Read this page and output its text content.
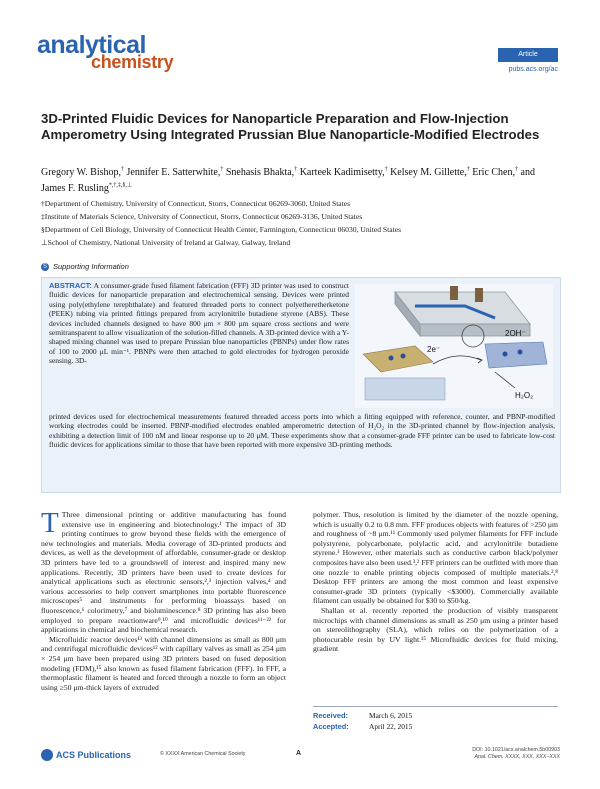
analytical
chemistry	Article
pubs.acs.org/ac
3D-Printed Fluidic Devices for Nanoparticle Preparation and Flow-Injection Amperometry Using Integrated Prussian Blue Nanoparticle-Modified Electrodes
Gregory W. Bishop,† Jennifer E. Satterwhite,† Snehasis Bhakta,† Karteek Kadimisetty,† Kelsey M. Gillette,† Eric Chen,† and James F. Rusling*,†,‡,§,⊥
†Department of Chemistry, University of Connecticut, Storrs, Connecticut 06269-3060, United States
‡Institute of Materials Science, University of Connecticut, Storrs, Connecticut 06269-3136, United States
§Department of Cell Biology, University of Connecticut Health Center, Farmington, Connecticut 06030, United States
⊥School of Chemistry, National University of Ireland at Galway, Galway, Ireland
S Supporting Information
ABSTRACT: A consumer-grade fused filament fabrication (FFF) 3D printer was used to construct fluidic devices for nanoparticle preparation and electrochemical sensing. Devices were printed using poly(ethylene terephthalate) and featured threaded ports to connect polyetheretherketone (PEEK) tubing via printed fittings prepared from acrylonitrile butadiene styrene (ABS). These devices included channels designed to have 800 μm × 800 μm square cross sections and were semitransparent to allow visualization of the solution-filled channels. A 3D-printed device with a Y-shaped mixing channel was used to prepare Prussian blue nanoparticles (PBNPs) under flow rates of 100 to 2000 μL min⁻¹. PBNPs were then attached to gold electrodes for hydrogen peroxide sensing. 3D-
printed devices used for electrochemical measurements featured threaded access ports into which a fitting equipped with reference, counter, and PBNP-modified working electrodes could be inserted. PBNP-modified electrodes enabled amperometric detection of H₂O₂ in the 3D-printed channel by flow-injection analysis, exhibiting a detection limit of 100 nM and linear response up to 20 μM. These experiments show that a consumer-grade FFF printer can be used to fabricate low-cost fluidic devices for applications similar to those that have been reported with more expensive 3D-printing methods.
2e⁻
2OH⁻
H₂O₂

T Three dimensional printing or additive manufacturing has found extensive use in engineering and biotechnology.¹ The impact of 3D printing continues to grow beyond these fields with the emergence of new technologies and materials. Media coverage of 3D-printed products and devices, as well as the development of affordable, consumer-grade or desktop 3D printers have led to a groundswell of interest and inspired many new applications. Recently, 3D printers have been used to create devices for analytical applications such as electronic sensors,²,³ injection valves,⁴ and various accessories to help convert smartphones into portable fluorescence microscopes⁵ and instruments for performing bioassays based on fluorescence,⁶ colorimetry,⁷ and bioluminescence.⁸ 3D printing has also been employed to prepare reactionware⁹,¹⁰ and microfluidic devices¹¹⁻²² for applications in chemical and biochemical research.

Microfluidic reactor devices¹³ with channel dimensions as small as 800 μm and centrifugal microfluidic devices¹² with capillary valves as small as 254 μm × 254 μm have been prepared using 3D printers based on fused deposition modeling (FDM),¹⁵ also known as fused filament fabrication (FFF). In FFF, a thermoplastic filament is heated and forced through a nozzle to form an object using ≥50 μm-thick layers of extruded

polymer. Thus, resolution is limited by the diameter of the nozzle opening, which is usually 0.2 to 0.8 mm. FFF produces objects with features of >250 μm and roughness of ~8 μm.¹¹ Commonly used polymer filaments for FFF include polystyrene, polycarbonate, polylactic acid, and acrylonitrile butadiene styrene.¹ However, other materials such as conductive carbon black/polymer composites have also been used.³,² FFF printers can be outfitted with more than one nozzle to enable printing objects composed of multiple materials.²,⁸ Desktop FFF printers are among the most common and least expensive consumer-grade 3D printers (typically <$3000). Commercially available filament can usually be obtained for $30 to $50/kg.

Shallan et al. recently reported the production of visibly transparent microchips with channel dimensions as small as 250 μm using a printer based on stereolithography (SLA), which relies on the polymerization of a photocurable resin by UV light.¹⁵ Microfluidic devices for fluid mixing, gradient

Received:	March 6, 2015
Accepted:	April 22, 2015
ACS Publications	© XXXX American Chemical Society	A	DOI: 10.1021/acs.analchem.5b00903
Anal. Chem. XXXX, XXX, XXX−XXX
